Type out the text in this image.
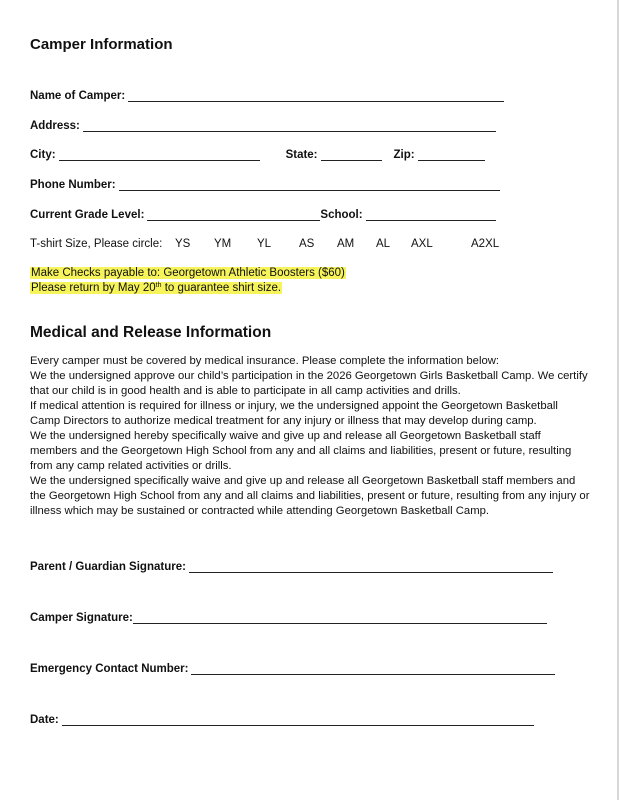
Camper Information
Name of Camper:
Address:
City:	State:	Zip:
Phone Number:
Current Grade Level:	School:
T-shirt Size, Please circle: YS YM YL AS AM AL AXL	A2XL
Make Checks payable to: Georgetown Athletic Boosters ($60)
Please return by May 20th to guarantee shirt size.
Medical and Release Information

Every camper must be covered by medical insurance. Please complete the information below:

We the undersigned approve our child’s participation in the 2026 Georgetown Girls Basketball Camp. We certify that our child is in good health and is able to participate in all camp activities and drills.

If medical attention is required for illness or injury, we the undersigned appoint the Georgetown Basketball Camp Directors to authorize medical treatment for any injury or illness that may develop during camp.

We the undersigned hereby specifically waive and give up and release all Georgetown Basketball staff members and the Georgetown High School from any and all claims and liabilities, present or future, resulting from any camp related activities or drills.

We the undersigned specifically waive and give up and release all Georgetown Basketball staff members and the Georgetown High School from any and all claims and liabilities, present or future, resulting from any injury or illness which may be sustained or contracted while attending Georgetown Basketball Camp.

Parent / Guardian Signature:
Camper Signature:
Emergency Contact Number:
Date:
